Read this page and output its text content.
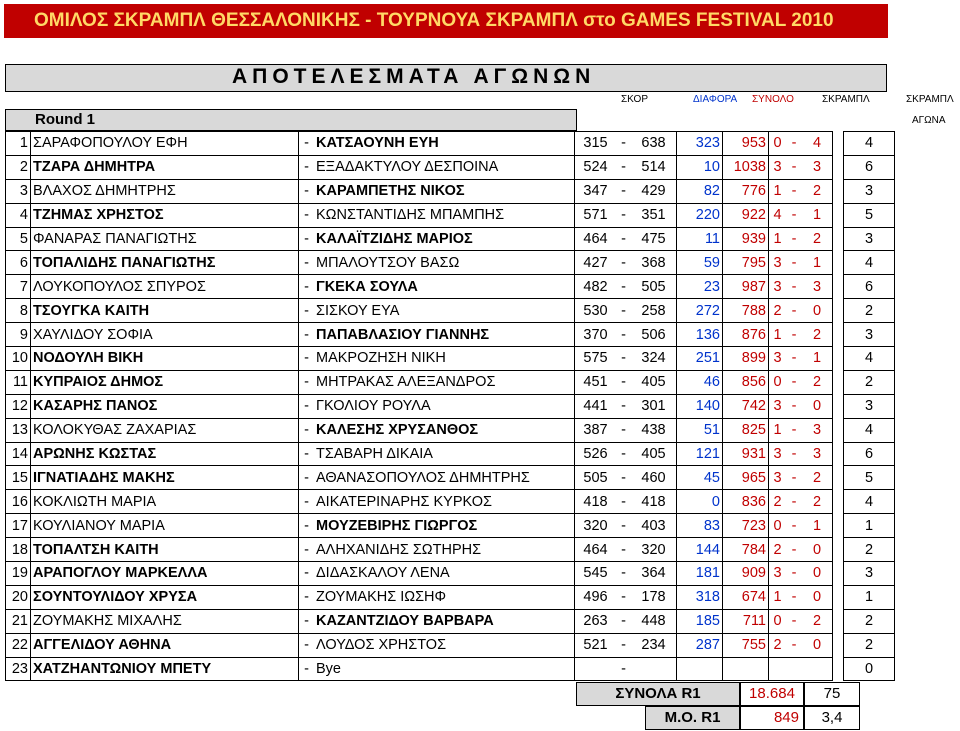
ΟΜΙΛΟΣ ΣΚΡΑΜΠΛ ΘΕΣΣΑΛΟΝΙΚΗΣ - ΤΟΥΡΝΟΥΑ ΣΚΡΑΜΠΛ στο GAMES FESTIVAL 2010
ΑΠΟΤΕΛΕΣΜΑΤΑ ΑΓΩΝΩΝ
ΣΚΟΡ	ΔΙΑΦΟΡΑ ΣΥΝΟΛΟ	ΣΚΡΑΜΠΛ	ΣΚΡΑΜΠΛ
ΑΓΩΝΑ
Round 1
1	ΣΑΡΑΦΟΠΟΥΛΟΥ ΕΦΗ	-	ΚΑΤΣΑΟΥΝΗ ΕΥΗ	315	-	638	323	953	0	-	4		4
2	ΤΖΑΡΑ ΔΗΜΗΤΡΑ	-	ΕΞΑΔΑΚΤΥΛΟΥ ΔΕΣΠΟΙΝΑ	524	-	514	10	1038	3	-	3		6
3	ΒΛΑΧΟΣ ΔΗΜΗΤΡΗΣ	-	ΚΑΡΑΜΠΕΤΗΣ ΝΙΚΟΣ	347	-	429	82	776	1	-	2		3
4	ΤΖΗΜΑΣ ΧΡΗΣΤΟΣ	-	ΚΩΝΣΤΑΝΤΙΔΗΣ ΜΠΑΜΠΗΣ	571	-	351	220	922	4	-	1		5
5	ΦΑΝΑΡΑΣ ΠΑΝΑΓΙΩΤΗΣ	-	ΚΑΛΑΪΤΖΙΔΗΣ ΜΑΡΙΟΣ	464	-	475	11	939	1	-	2		3
6	ΤΟΠΑΛΙΔΗΣ ΠΑΝΑΓΙΩΤΗΣ	-	ΜΠΑΛΟΥΤΣΟΥ ΒΑΣΩ	427	-	368	59	795	3	-	1		4
7	ΛΟΥΚΟΠΟΥΛΟΣ ΣΠΥΡΟΣ	-	ΓΚΕΚΑ ΣΟΥΛΑ	482	-	505	23	987	3	-	3		6
8	ΤΣΟΥΓΚΑ ΚΑΙΤΗ	-	ΣΙΣΚΟΥ ΕΥΑ	530	-	258	272	788	2	-	0		2
9	ΧΑΥΛΙΔΟΥ ΣΟΦΙΑ	-	ΠΑΠΑΒΛΑΣΙΟΥ ΓΙΑΝΝΗΣ	370	-	506	136	876	1	-	2		3
10	ΝΟΔΟΥΛΗ ΒΙΚΗ	-	ΜΑΚΡΟΖΗΣΗ ΝΙΚΗ	575	-	324	251	899	3	-	1		4
11	ΚΥΠΡΑΙΟΣ ΔΗΜΟΣ	-	ΜΗΤΡΑΚΑΣ ΑΛΕΞΑΝΔΡΟΣ	451	-	405	46	856	0	-	2		2
12	ΚΑΣΑΡΗΣ ΠΑΝΟΣ	-	ΓΚΟΛΙΟΥ ΡΟΥΛΑ	441	-	301	140	742	3	-	0		3
13	ΚΟΛΟΚΥΘΑΣ ΖΑΧΑΡΙΑΣ	-	ΚΑΛΕΣΗΣ ΧΡΥΣΑΝΘΟΣ	387	-	438	51	825	1	-	3		4
14	ΑΡΩΝΗΣ ΚΩΣΤΑΣ	-	ΤΣΑΒΑΡΗ ΔΙΚΑΙΑ	526	-	405	121	931	3	-	3		6
15	ΙΓΝΑΤΙΑΔΗΣ ΜΑΚΗΣ	-	ΑΘΑΝΑΣΟΠΟΥΛΟΣ ΔΗΜΗΤΡΗΣ	505	-	460	45	965	3	-	2		5
16	ΚΟΚΛΙΩΤΗ ΜΑΡΙΑ	-	ΑΙΚΑΤΕΡΙΝΑΡΗΣ ΚΥΡΚΟΣ	418	-	418	0	836	2	-	2		4
17	ΚΟΥΛΙΑΝΟΥ ΜΑΡΙΑ	-	ΜΟΥΖΕΒΙΡΗΣ ΓΙΩΡΓΟΣ	320	-	403	83	723	0	-	1		1
18	ΤΟΠΑΛΤΣΗ ΚΑΙΤΗ	-	ΑΛΗΧΑΝΙΔΗΣ ΣΩΤΗΡΗΣ	464	-	320	144	784	2	-	0		2
19	ΑΡΑΠΟΓΛΟΥ ΜΑΡΚΕΛΛΑ	-	ΔΙΔΑΣΚΑΛΟΥ ΛΕΝΑ	545	-	364	181	909	3	-	0		3
20	ΣΟΥΝΤΟΥΛΙΔΟΥ ΧΡΥΣΑ	-	ΖΟΥΜΑΚΗΣ ΙΩΣΗΦ	496	-	178	318	674	1	-	0		1
21	ΖΟΥΜΑΚΗΣ ΜΙΧΑΛΗΣ	-	ΚΑΖΑΝΤΖΙΔΟΥ ΒΑΡΒΑΡΑ	263	-	448	185	711	0	-	2		2
22	ΑΓΓΕΛΙΔΟΥ ΑΘΗΝΑ	-	ΛΟΥΔΟΣ ΧΡΗΣΤΟΣ	521	-	234	287	755	2	-	0		2
23	ΧΑΤΖΗΑΝΤΩΝΙΟΥ ΜΠΕΤΥ	-	Bye		-								0
ΣΥΝΟΛΑ R1	18.684	75
Μ.Ο. R1	849	3,4
